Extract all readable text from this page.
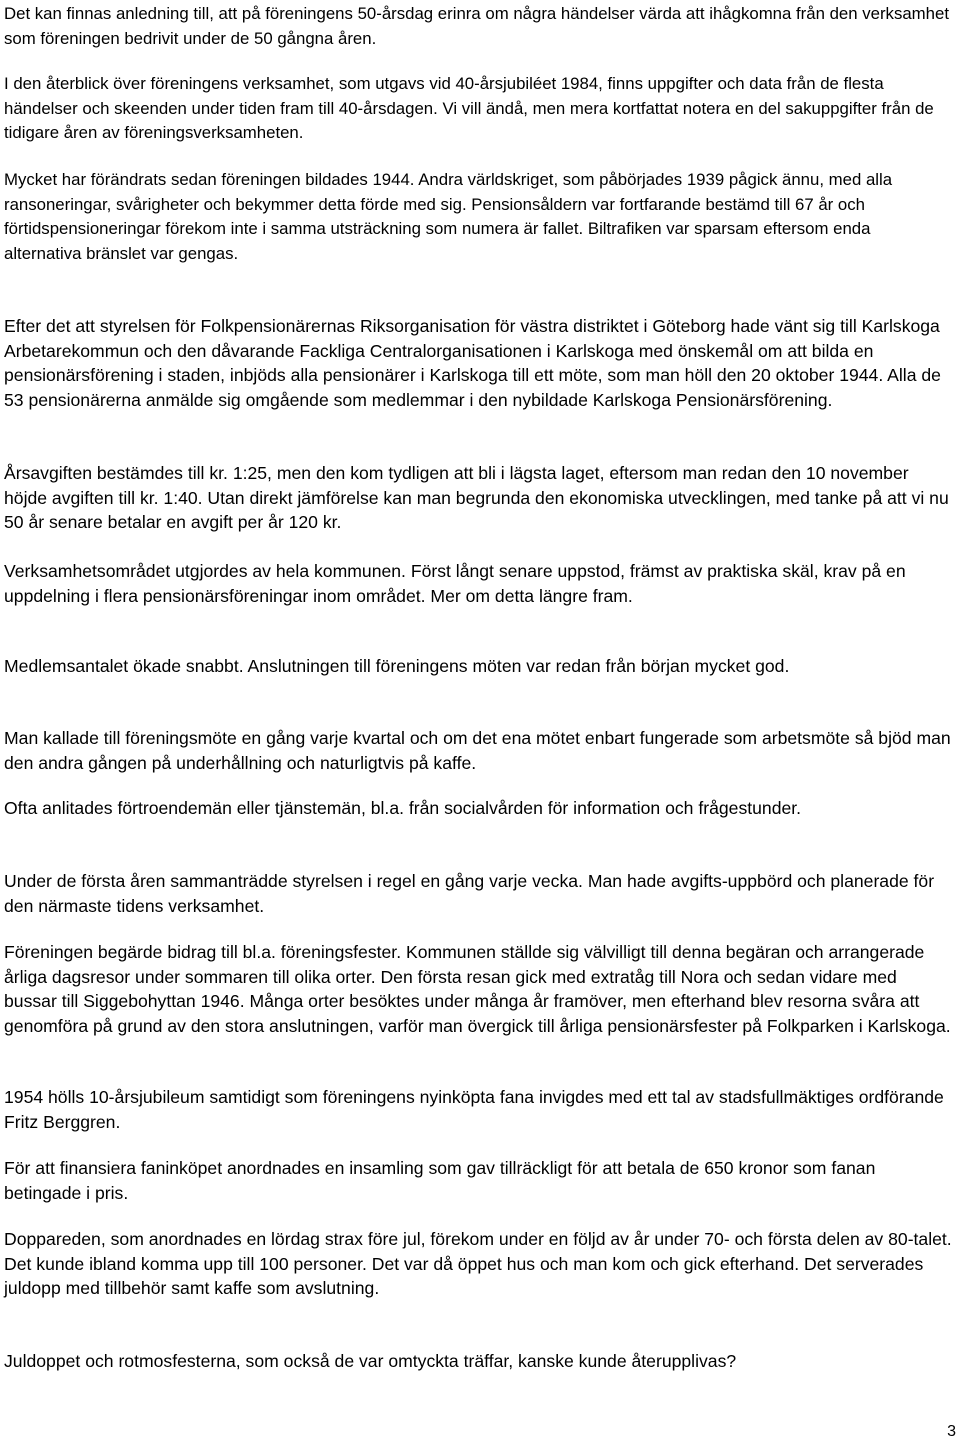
Det kan finnas anledning till, att på föreningens 50-årsdag erinra om några händelser värda att ihågkomna från den verksamhet som föreningen bedrivit under de 50 gångna åren.

I den återblick över föreningens verksamhet, som utgavs vid 40-årsjubiléet 1984, finns uppgifter och data från de flesta händelser och skeenden under tiden fram till 40-årsdagen. Vi vill ändå, men mera kortfattat notera en del sakuppgifter från de tidigare åren av föreningsverksamheten.

Mycket har förändrats sedan föreningen bildades 1944. Andra världskriget, som påbörjades 1939 pågick ännu, med alla ransoneringar, svårigheter och bekymmer detta förde med sig. Pensionsåldern var fortfarande bestämd till 67 år och förtidspensioneringar förekom inte i samma utsträckning som numera är fallet. Biltrafiken var sparsam eftersom enda alternativa bränslet var gengas.

Efter det att styrelsen för Folkpensionärernas Riksorganisation för västra distriktet i Göteborg hade vänt sig till Karlskoga Arbetarekommun och den dåvarande Fackliga Centralorganisationen i Karlskoga med önskemål om att bilda en pensionärsförening i staden, inbjöds alla pensionärer i Karlskoga till ett möte, som man höll den 20 oktober 1944. Alla de 53 pensionärerna anmälde sig omgående som medlemmar i den nybildade Karlskoga Pensionärsförening.

Årsavgiften bestämdes till kr. 1:25, men den kom tydligen att bli i lägsta laget, eftersom man redan den 10 november höjde avgiften till kr. 1:40. Utan direkt jämförelse kan man begrunda den ekonomiska utvecklingen, med tanke på att vi nu 50 år senare betalar en avgift per år 120 kr.

Verksamhetsområdet utgjordes av hela kommunen. Först långt senare uppstod, främst av praktiska skäl, krav på en uppdelning i flera pensionärsföreningar inom området. Mer om detta längre fram.

Medlemsantalet ökade snabbt. Anslutningen till föreningens möten var redan från början mycket god.

Man kallade till föreningsmöte en gång varje kvartal och om det ena mötet enbart fungerade som arbetsmöte så bjöd man den andra gången på underhållning och naturligtvis på kaffe.

Ofta anlitades förtroendemän eller tjänstemän, bl.a. från socialvården för information och frågestunder.

Under de första åren sammanträdde styrelsen i regel en gång varje vecka. Man hade avgifts-uppbörd och planerade för den närmaste tidens verksamhet.

Föreningen begärde bidrag till bl.a. föreningsfester. Kommunen ställde sig välvilligt till denna begäran och arrangerade årliga dagsresor under sommaren till olika orter. Den första resan gick med extratåg till Nora och sedan vidare med bussar till Siggebohyttan 1946. Många orter besöktes under många år framöver, men efterhand blev resorna svåra att genomföra på grund av den stora anslutningen, varför man övergick till årliga pensionärsfester på Folkparken i Karlskoga.

1954 hölls 10-årsjubileum samtidigt som föreningens nyinköpta fana invigdes med ett tal av stadsfullmäktiges ordförande Fritz Berggren.

För att finansiera faninköpet anordnades en insamling som gav tillräckligt för att betala de 650 kronor som fanan betingade i pris.

Doppareden, som anordnades en lördag strax före jul, förekom under en följd av år under 70- och första delen av 80-talet. Det kunde ibland komma upp till 100 personer. Det var då öppet hus och man kom och gick efterhand. Det serverades juldopp med tillbehör samt kaffe som avslutning.

Juldoppet och rotmosfesterna, som också de var omtyckta träffar, kanske kunde återupplivas?

3
